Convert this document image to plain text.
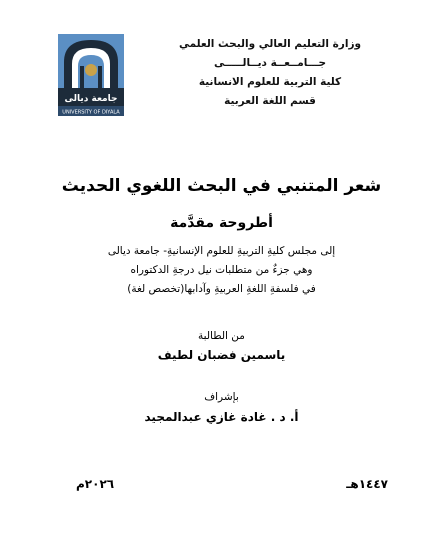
جامعة ديالى
UNIVERSITY OF DIYALA
وزارة التعليم العالي والبحث العلمي
جـــامــعــة ديــالـــــى
كلية التربية للعلوم الانسانية
قسم اللغة العربية
شعر المتنبي في البحث اللغوي الحديث
أطروحة مقدَّمة
إلى مجلس كليةِ التربيةِ للعلوم الإنسانيةِ- جامعة ديالى
وهي جزءٌ من متطلبات نيل درجةِ الدكتوراه
في فلسفةِ اللغةِ العربيةِ وآدابها(تخصص لغة)
من الطالبة
ياسمين فضبان لطيف
بإشراف
أ. د . غادة غازي عبدالمجيد
١٤٤٧هـ
٢٠٢٦م
